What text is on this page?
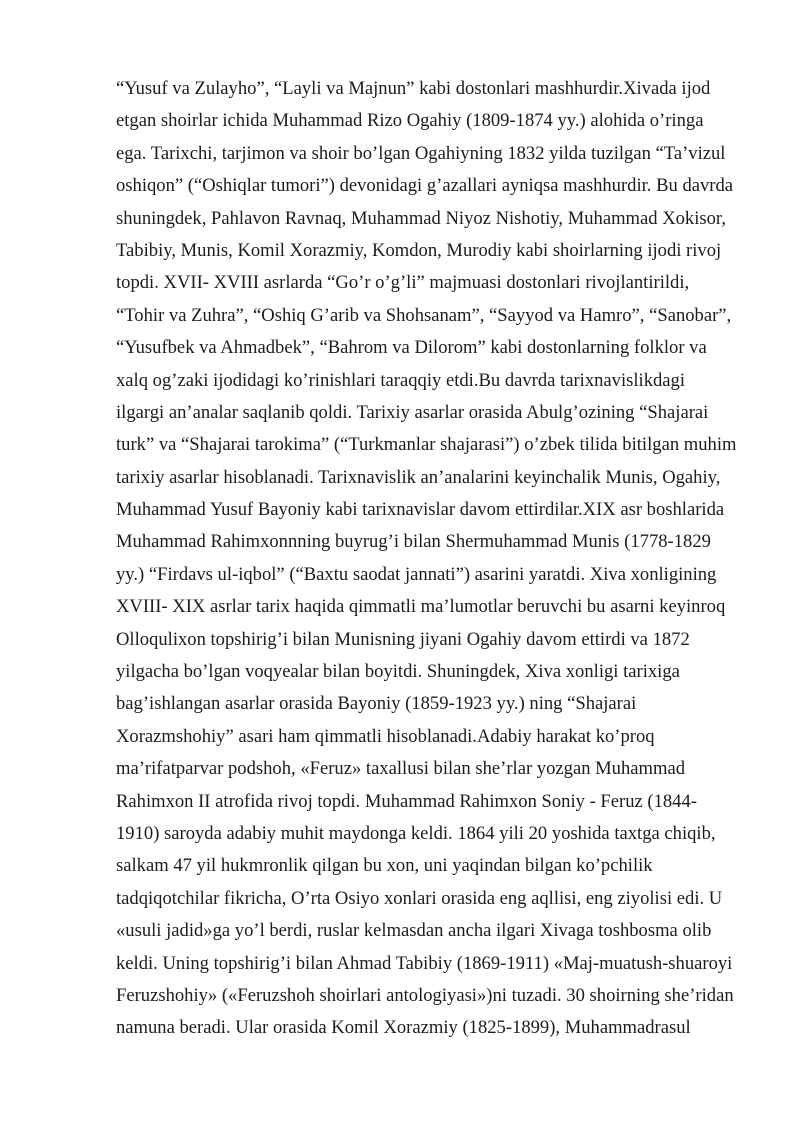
“Yusuf va Zulayho”, “Layli va Majnun” kabi dostonlari mashhurdir.Xivada ijod
etgan shoirlar ichida Muhammad Rizo Ogahiy (1809-1874 yy.) alohida o’ringa
ega. Tarixchi, tarjimon va shoir bo’lgan Ogahiyning 1832 yilda tuzilgan “Ta’vizul
oshiqon” (“Oshiqlar tumori”) devonidagi g’azallari ayniqsa mashhurdir. Bu davrda
shuningdek, Pahlavon Ravnaq, Muhammad Niyoz Nishotiy, Muhammad Xokisor,
Tabibiy, Munis, Komil Xorazmiy, Komdon, Murodiy kabi shoirlarning ijodi rivoj
topdi. XVII- XVIII asrlarda “Go’r o’g’li” majmuasi dostonlari rivojlantirildi,
“Tohir va Zuhra”, “Oshiq G’arib va Shohsanam”, “Sayyod va Hamro”, “Sanobar”,
“Yusufbek va Ahmadbek”, “Bahrom va Dilorom” kabi dostonlarning folklor va
xalq og’zaki ijodidagi ko’rinishlari taraqqiy etdi.Bu davrda tarixnavislikdagi
ilgargi an’analar saqlanib qoldi. Tarixiy asarlar orasida Abulg’ozining “Shajarai
turk” va “Shajarai tarokima” (“Turkmanlar shajarasi”) o’zbek tilida bitilgan muhim
tarixiy asarlar hisoblanadi. Tarixnavislik an’analarini keyinchalik Munis, Ogahiy,
Muhammad Yusuf Bayoniy kabi tarixnavislar davom ettirdilar.XIX asr boshlarida
Muhammad Rahimxonnning buyrug’i bilan Shermuhammad Munis (1778-1829
yy.) “Firdavs ul-iqbol” (“Baxtu saodat jannati”) asarini yaratdi. Xiva xonligining
XVIII- XIX asrlar tarix haqida qimmatli ma’lumotlar beruvchi bu asarni keyinroq
Olloqulixon topshirig’i bilan Munisning jiyani Ogahiy davom ettirdi va 1872
yilgacha bo’lgan voqyealar bilan boyitdi. Shuningdek, Xiva xonligi tarixiga
bag’ishlangan asarlar orasida Bayoniy (1859-1923 yy.) ning “Shajarai
Xorazmshohiy” asari ham qimmatli hisoblanadi.Adabiy harakat ko’proq
ma’rifatparvar podshoh, «Feruz» taxallusi bilan she’rlar yozgan Muhammad
Rahimxon II atrofida rivoj topdi. Muhammad Rahimxon Soniy - Feruz (1844-
1910) saroyda adabiy muhit maydonga keldi. 1864 yili 20 yoshida taxtga chiqib,
salkam 47 yil hukmronlik qilgan bu xon, uni yaqindan bilgan ko’pchilik
tadqiqotchilar fikricha, O’rta Osiyo xonlari orasida eng aqllisi, eng ziyolisi edi. U
«usuli jadid»ga yo’l berdi, ruslar kelmasdan ancha ilgari Xivaga toshbosma olib
keldi. Uning topshirig’i bilan Ahmad Tabibiy (1869-1911) «Maj-muatush-shuaroyi
Feruzshohiy» («Feruzshoh shoirlari antologiyasi»)ni tuzadi. 30 shoirning she’ridan
namuna beradi. Ular orasida Komil Xorazmiy (1825-1899), Muhammadrasul
